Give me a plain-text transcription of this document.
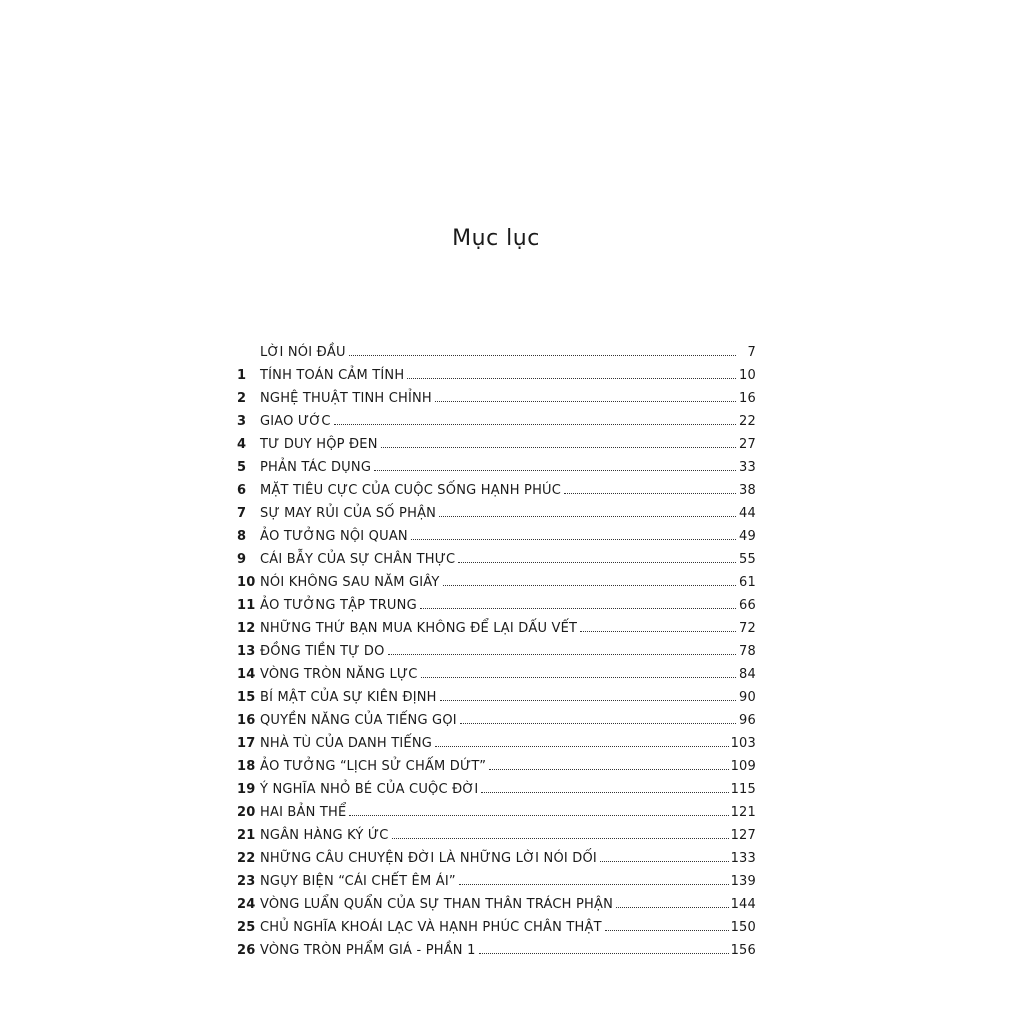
Mục lục
LỜI NÓI ĐẦU	7
1	TÍNH TOÁN CẢM TÍNH	10
2	NGHỆ THUẬT TINH CHỈNH	16
3	GIAO ƯỚC	22
4	TƯ DUY HỘP ĐEN	27
5	PHẢN TÁC DỤNG	33
6	MẶT TIÊU CỰC CỦA CUỘC SỐNG HẠNH PHÚC	38
7	SỰ MAY RỦI CỦA SỐ PHẬN	44
8	ẢO TƯỞNG NỘI QUAN	49
9	CÁI BẪY CỦA SỰ CHÂN THỰC	55
10 NÓI KHÔNG SAU NĂM GIÂY	61
11 ẢO TƯỞNG TẬP TRUNG	66
12 NHỮNG THỨ BẠN MUA KHÔNG ĐỂ LẠI DẤU VẾT	72
13 ĐỒNG TIỀN TỰ DO	78
14 VÒNG TRÒN NĂNG LỰC	84
15 BÍ MẬT CỦA SỰ KIÊN ĐỊNH	90
16 QUYỀN NĂNG CỦA TIẾNG GỌI	96
17 NHÀ TÙ CỦA DANH TIẾNG	103
18 ẢO TƯỞNG “LỊCH SỬ CHẤM DỨT”	109
19 Ý NGHĨA NHỎ BÉ CỦA CUỘC ĐỜI	115
20 HAI BẢN THỂ	121
21 NGÂN HÀNG KÝ ỨC	127
22 NHỮNG CÂU CHUYỆN ĐỜI LÀ NHỮNG LỜI NÓI DỐI	133
23 NGỤY BIỆN “CÁI CHẾT ÊM ÁI”	139
24 VÒNG LUẨN QUẨN CỦA SỰ THAN THÂN TRÁCH PHẬN	144
25 CHỦ NGHĨA KHOÁI LẠC VÀ HẠNH PHÚC CHÂN THẬT	150
26 VÒNG TRÒN PHẨM GIÁ - PHẦN 1	156
